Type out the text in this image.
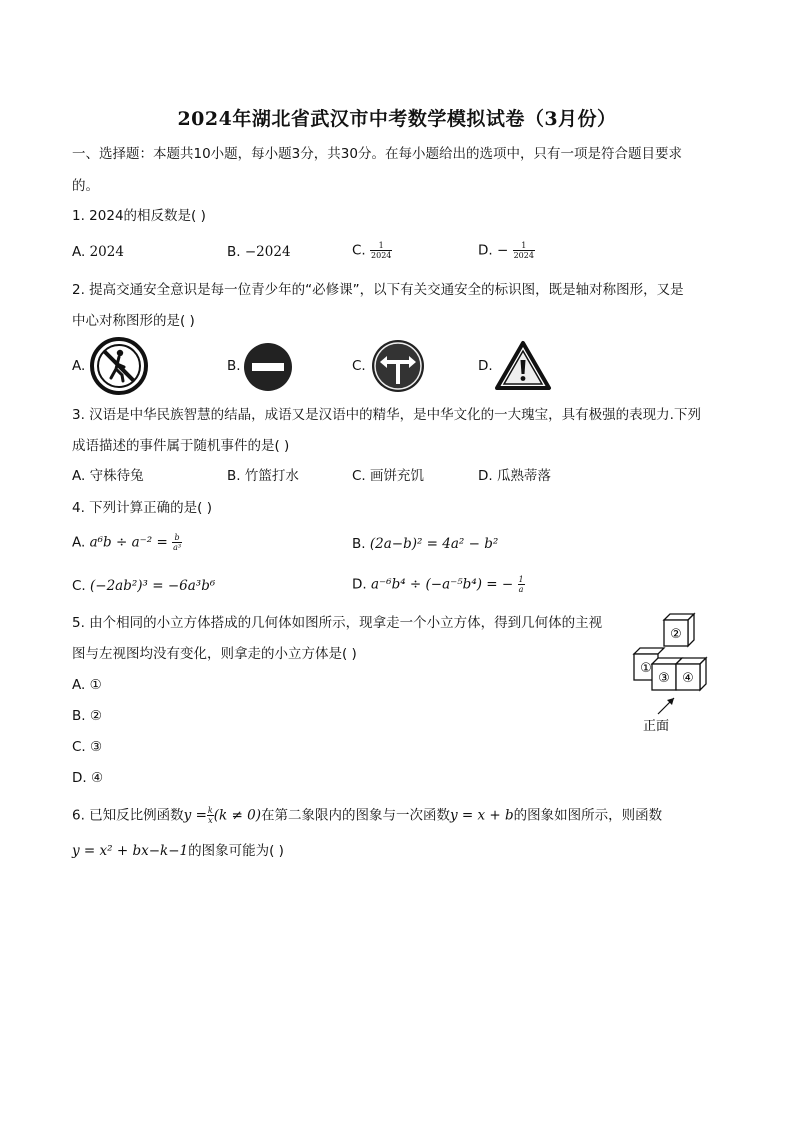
2024年湖北省武汉市中考数学模拟试卷（3月份）
一、选择题：本题共10小题，每小题3分，共30分。在每小题给出的选项中，只有一项是符合题目要求
的。
1. 2024的相反数是( )
A. 2024	B. −2024	C. $\frac{1}{2024}$	D. − $\frac{1}{2024}$
2. 提高交通安全意识是每一位青少年的“必修课”，以下有关交通安全的标识图，既是轴对称图形，又是
中心对称图形的是( )
A.	B.	C.	D.
3. 汉语是中华民族智慧的结晶，成语又是汉语中的精华，是中华文化的一大瑰宝，具有极强的表现力.下列
成语描述的事件属于随机事件的是( )
A. 守株待兔	B. 竹篮打水	C. 画饼充饥	D. 瓜熟蒂落
4. 下列计算正确的是( )
A. $a^6b \div a^{-2} = \frac{b}{\text{a³}}$	B. (2a−b)² = 4a² − b²
C. (−2ab²)³ = −6a³b⁶	D. a⁻⁶b⁴ ÷ (−a⁻⁵b⁴) = − $\frac{1}{a}$
5. 由个相同的小立方体搭成的几何体如图所示，现拿走一个小立方体，得到几何体的主视
图与左视图均没有变化，则拿走的小立方体是( )
A. ①
B. ②
C. ③
D. ④
①
②
③ ④
正面
6. 已知反比例函数$y = \frac{k}{x} (k \ne 0)$在第二象限内的图象与一次函数y = x + b的图象如图所示，则函数
y = x² + bx−k−1的图象可能为( )
